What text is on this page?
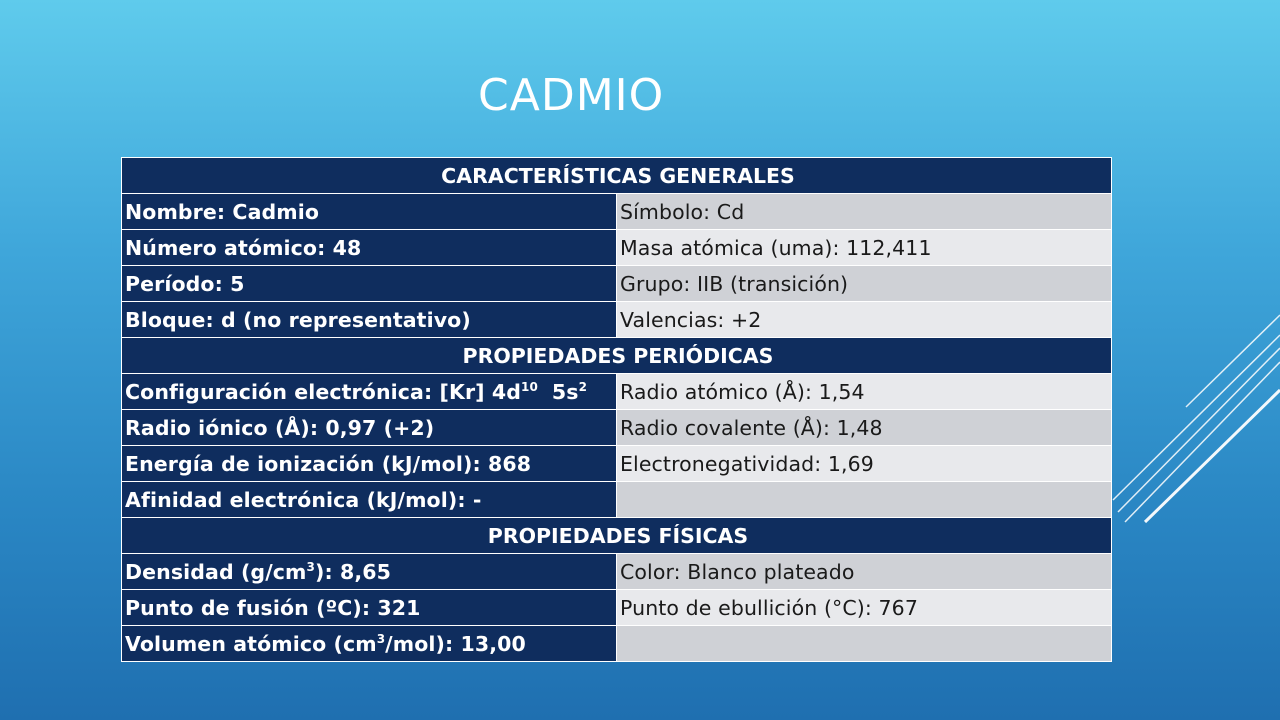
CADMIO
CARACTERÍSTICAS GENERALES	
Nombre: Cadmio	Símbolo: Cd
Número atómico: 48	Masa atómica (uma): 112,411
Período: 5	Grupo: IIB (transición)
Bloque: d (no representativo)	Valencias: +2
PROPIEDADES PERIÓDICAS	
Configuración electrónica: [Kr] $4d^{10}$ $5s^2$	Radio atómico (Å): 1,54
Radio iónico (Å): 0,97 (+2)	Radio covalente (Å): 1,48
Energía de ionización (kJ/mol): 868	Electronegatividad: 1,69
Afinidad electrónica (kJ/mol): -	
PROPIEDADES FÍSICAS	
Densidad $(g/cm^3)$: 8,65	Color: Blanco plateado
Punto de fusión (ºC): 321	Punto de ebullición (°C): 767
Volumen atómico $(cm^3/mol)$: 13,00	
